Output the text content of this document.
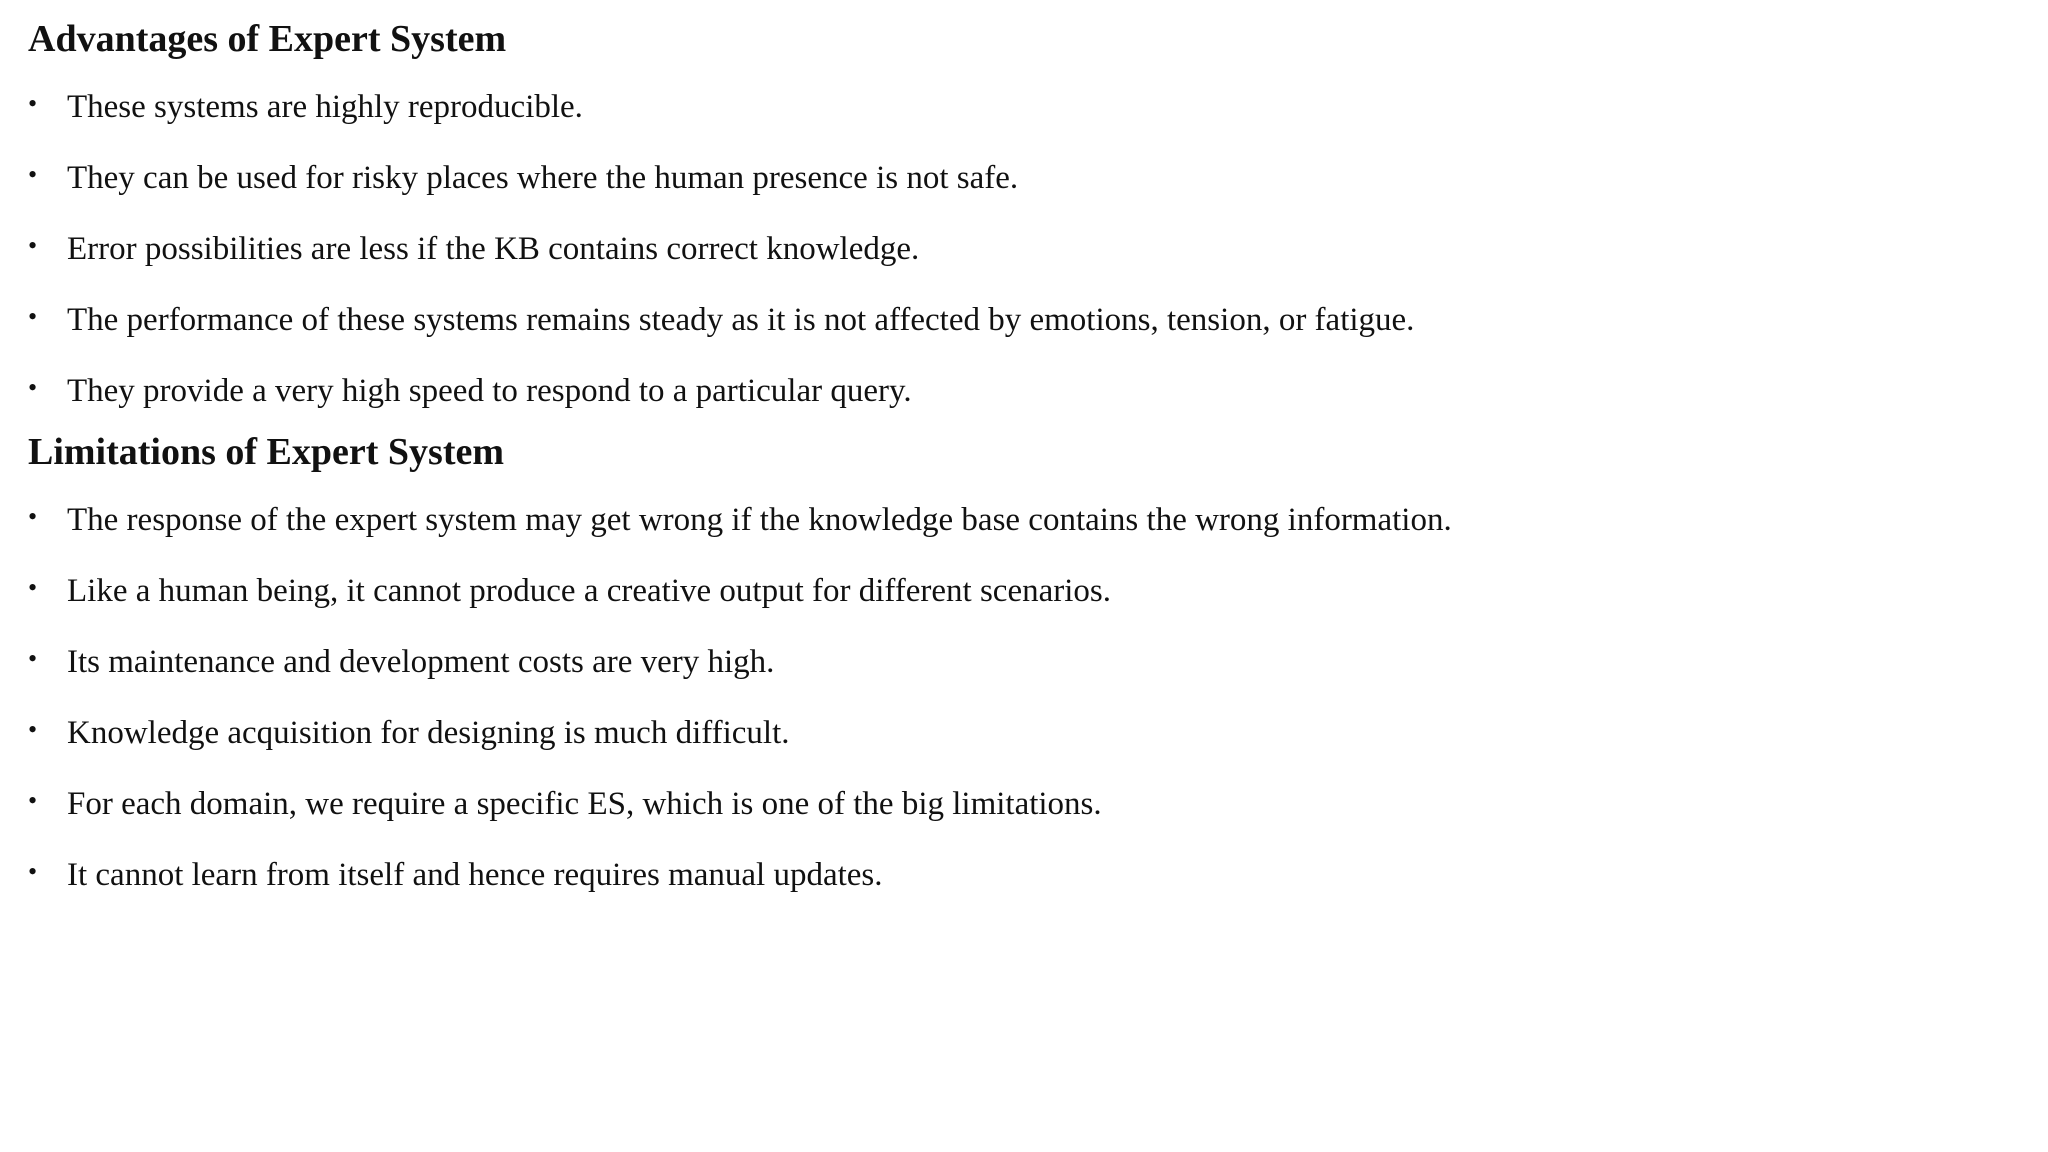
Advantages of Expert System
• These systems are highly reproducible.
• They can be used for risky places where the human presence is not safe.
• Error possibilities are less if the KB contains correct knowledge.
• The performance of these systems remains steady as it is not affected by emotions, tension, or fatigue.
• They provide a very high speed to respond to a particular query.
Limitations of Expert System
• The response of the expert system may get wrong if the knowledge base contains the wrong information.
• Like a human being, it cannot produce a creative output for different scenarios.
• Its maintenance and development costs are very high.
• Knowledge acquisition for designing is much difficult.
• For each domain, we require a specific ES, which is one of the big limitations.
• It cannot learn from itself and hence requires manual updates.
